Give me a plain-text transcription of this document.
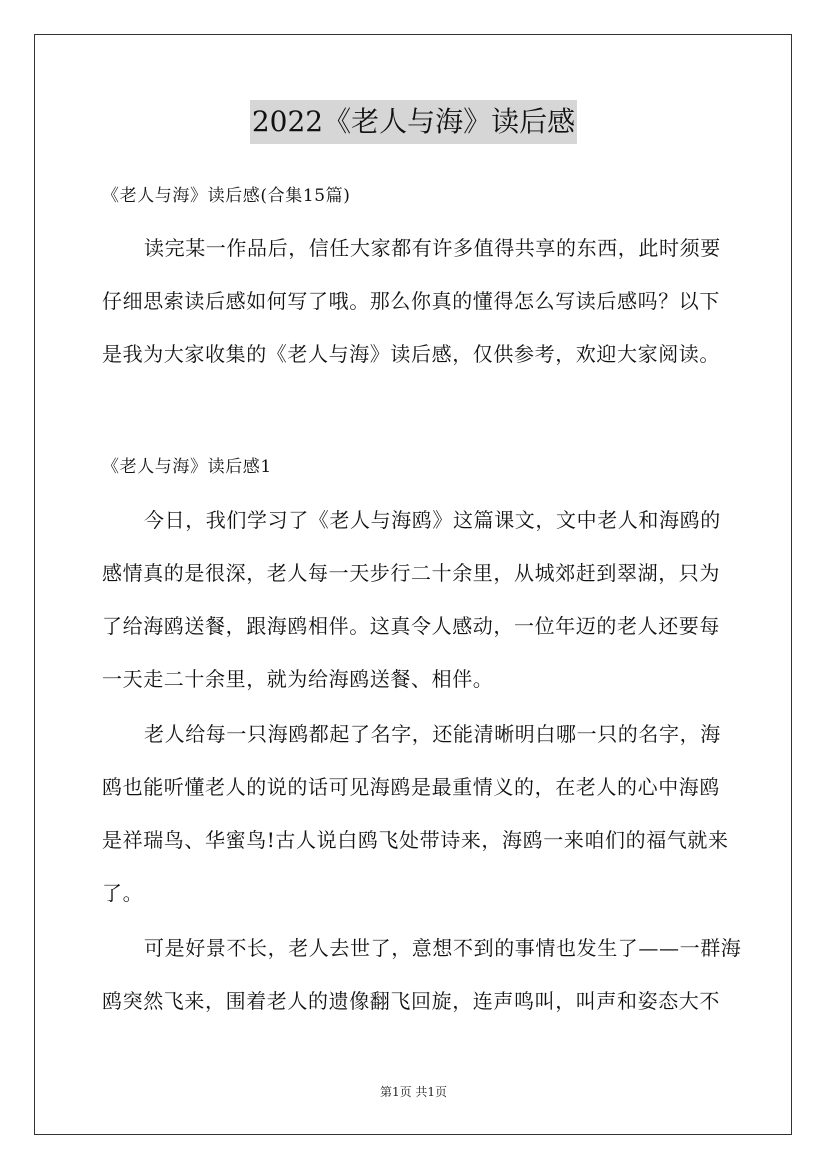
2022《老人与海》读后感
《老人与海》读后感(合集15篇)
读完某一作品后，信任大家都有许多值得共享的东西，此时须要
仔细思索读后感如何写了哦。那么你真的懂得怎么写读后感吗？以下
是我为大家收集的《老人与海》读后感，仅供参考，欢迎大家阅读。
《老人与海》读后感1
今日，我们学习了《老人与海鸥》这篇课文，文中老人和海鸥的
感情真的是很深，老人每一天步行二十余里，从城郊赶到翠湖，只为
了给海鸥送餐，跟海鸥相伴。这真令人感动，一位年迈的老人还要每
一天走二十余里，就为给海鸥送餐、相伴。
老人给每一只海鸥都起了名字，还能清晰明白哪一只的名字，海
鸥也能听懂老人的说的话可见海鸥是最重情义的，在老人的心中海鸥
是祥瑞鸟、华蜜鸟!古人说白鸥飞处带诗来，海鸥一来咱们的福气就来
了。
可是好景不长，老人去世了，意想不到的事情也发生了——一群海
鸥突然飞来，围着老人的遗像翻飞回旋，连声鸣叫，叫声和姿态大不
第1页 共1页
